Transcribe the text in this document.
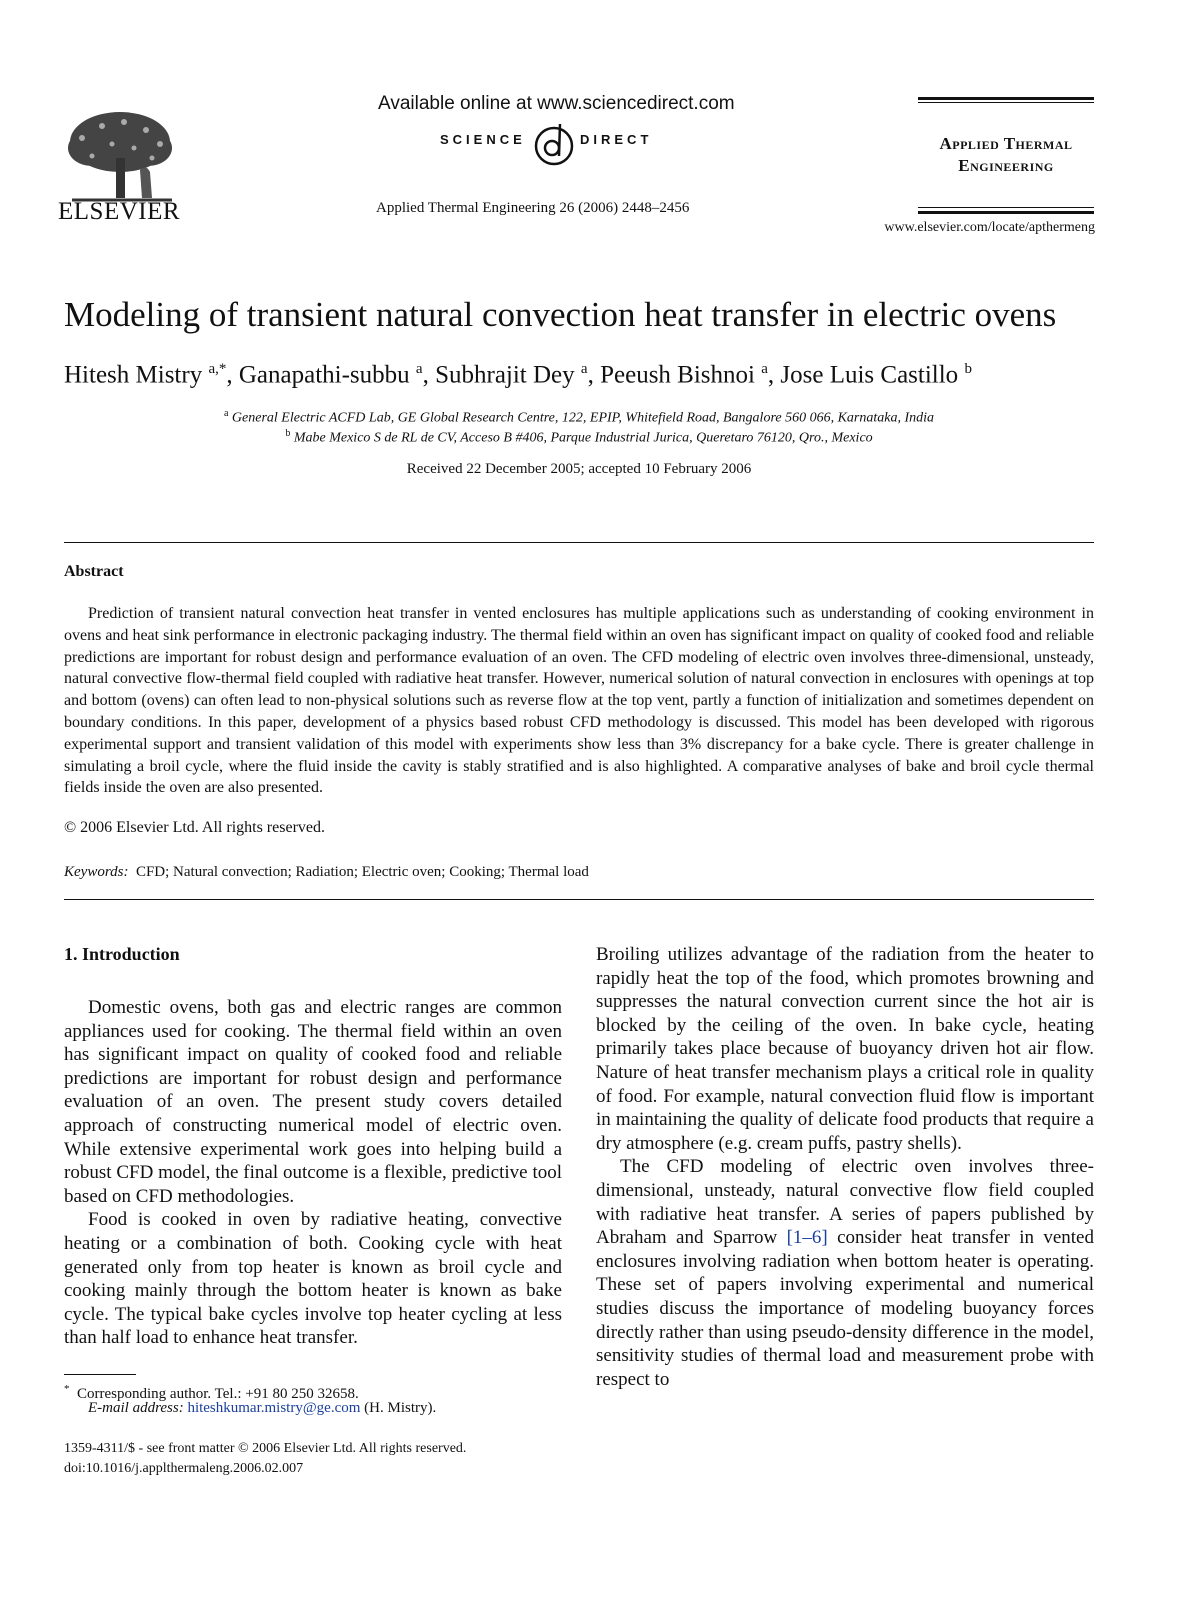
ELSEVIER
Available online at www.sciencedirect.com
SCIENCE	DIRECT
Applied Thermal Engineering 26 (2006) 2448–2456
Applied Thermal
Engineering
www.elsevier.com/locate/apthermeng
Modeling of transient natural convection heat transfer in electric ovens
Hitesh Mistry $^{a,*}$, Ganapathi-subbu $^a$, Subhrajit Dey $^a$, Peeush Bishnoi $^a$, Jose Luis Castillo $^b$
$^a$ General Electric ACFD Lab, GE Global Research Centre, 122, EPIP, Whitefield Road, Bangalore 560 066, Karnataka, India
$^b$ Mabe Mexico S de RL de CV, Acceso B #406, Parque Industrial Jurica, Queretaro 76120, Qro., Mexico
Received 22 December 2005; accepted 10 February 2006
Abstract
Prediction of transient natural convection heat transfer in vented enclosures has multiple applications such as understanding of cooking environment in ovens and heat sink performance in electronic packaging industry. The thermal field within an oven has significant impact on quality of cooked food and reliable predictions are important for robust design and performance evaluation of an oven. The CFD modeling of electric oven involves three-dimensional, unsteady, natural convective flow-thermal field coupled with radiative heat transfer. However, numerical solution of natural convection in enclosures with openings at top and bottom (ovens) can often lead to non-physical solutions such as reverse flow at the top vent, partly a function of initialization and sometimes dependent on boundary conditions. In this paper, development of a physics based robust CFD methodology is discussed. This model has been developed with rigorous experimental support and transient validation of this model with experiments show less than 3% discrepancy for a bake cycle. There is greater challenge in simulating a broil cycle, where the fluid inside the cavity is stably stratified and is also highlighted. A comparative analyses of bake and broil cycle thermal fields inside the oven are also presented.
© 2006 Elsevier Ltd. All rights reserved.
Keywords: CFD; Natural convection; Radiation; Electric oven; Cooking; Thermal load
1. Introduction

Domestic ovens, both gas and electric ranges are common appliances used for cooking. The thermal field within an oven has significant impact on quality of cooked food and reliable predictions are important for robust design and performance evaluation of an oven. The present study covers detailed approach of constructing numerical model of electric oven. While extensive experimental work goes into helping build a robust CFD model, the final outcome is a flexible, predictive tool based on CFD methodologies.

Food is cooked in oven by radiative heating, convective heating or a combination of both. Cooking cycle with heat generated only from top heater is known as broil cycle and cooking mainly through the bottom heater is known as bake cycle. The typical bake cycles involve top heater cycling at less than half load to enhance heat transfer.

Broiling utilizes advantage of the radiation from the heater to rapidly heat the top of the food, which promotes browning and suppresses the natural convection current since the hot air is blocked by the ceiling of the oven. In bake cycle, heating primarily takes place because of buoyancy driven hot air flow. Nature of heat transfer mechanism plays a critical role in quality of food. For example, natural convection fluid flow is important in maintaining the quality of delicate food products that require a dry atmosphere (e.g. cream puffs, pastry shells).

The CFD modeling of electric oven involves three-dimensional, unsteady, natural convective flow field coupled with radiative heat transfer. A series of papers published by Abraham and Sparrow [1–6] consider heat transfer in vented enclosures involving radiation when bottom heater is operating. These set of papers involving experimental and numerical studies discuss the importance of modeling buoyancy forces directly rather than using pseudo-density difference in the model, sensitivity studies of thermal load and measurement probe with respect to

* Corresponding author. Tel.: +91 80 250 32658.
E-mail address: hiteshkumar.mistry@ge.com (H. Mistry).
1359-4311/$ - see front matter © 2006 Elsevier Ltd. All rights reserved.
doi:10.1016/j.applthermaleng.2006.02.007
